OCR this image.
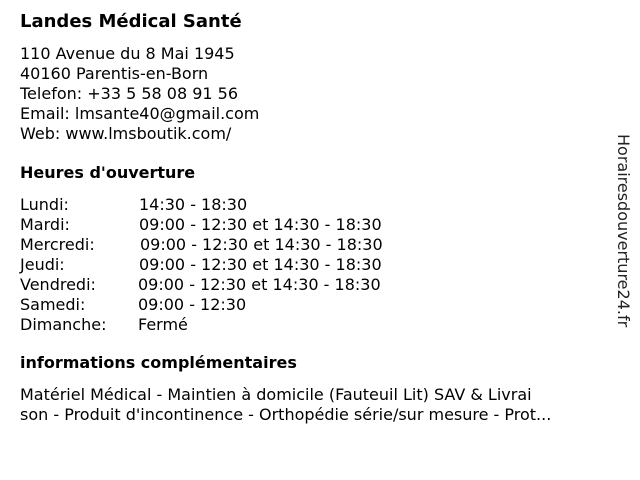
Landes Médical Santé
110 Avenue du 8 Mai 1945
40160 Parentis-en-Born
Telefon: +33 5 58 08 91 56
Email: lmsante40@gmail.com
Web: www.lmsboutik.com/
Heures d'ouverture
Lundi:	14:30 - 18:30
Mardi:	09:00 - 12:30 et 14:30 - 18:30
Mercredi:	09:00 - 12:30 et 14:30 - 18:30
Jeudi:	09:00 - 12:30 et 14:30 - 18:30
Vendredi:	09:00 - 12:30 et 14:30 - 18:30
Samedi:	09:00 - 12:30
Dimanche: Fermé
informations complémentaires
Matériel Médical - Maintien à domicile (Fauteuil Lit) SAV & Livrai
son - Produit d'incontinence - Orthopédie série/sur mesure - Prot...
Horairesdouverture24.fr
